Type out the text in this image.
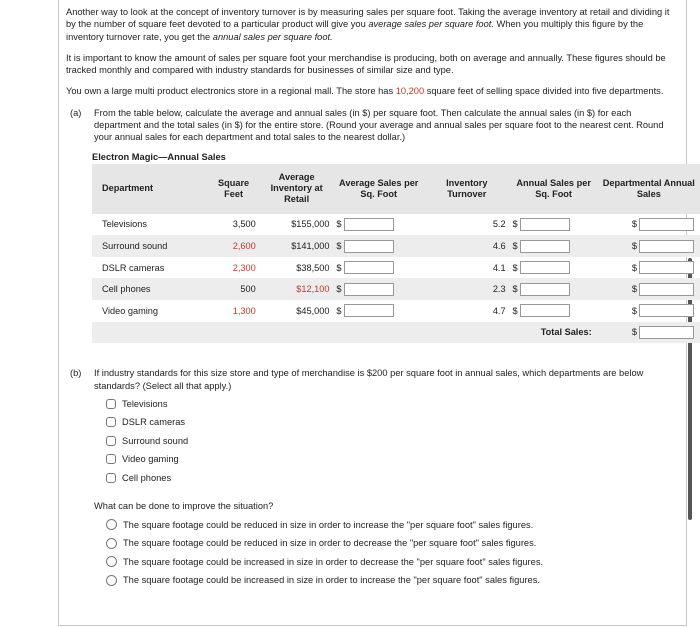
Another way to look at the concept of inventory turnover is by measuring sales per square foot. Taking the average inventory at retail and dividing it by the number of square feet devoted to a particular product will give you average sales per square foot. When you multiply this figure by the inventory turnover rate, you get the annual sales per square foot.

It is important to know the amount of sales per square foot your merchandise is producing, both on average and annually. These figures should be tracked monthly and compared with industry standards for businesses of similar size and type.

You own a large multi product electronics store in a regional mall. The store has 10,200 square feet of selling space divided into five departments.

(a)	From the table below, calculate the average and annual sales (in $) per square foot. Then calculate the annual sales (in $) for each department and the total sales (in $) for the entire store. (Round your average and annual sales per square foot to the nearest cent. Round your annual sales for each department and total sales to the nearest dollar.)
Electron Magic—Annual Sales
Department	Square Feet	Average Inventory at Retail	Average Sales per Sq. Foot	Inventory Turnover	Annual Sales per Sq. Foot	Departmental Annual Sales
Televisions	3,500	$155,000	$	5.2	$	$

Surround sound	2,600	$141,000	$	4.6	$	$

DSLR cameras	2,300	$38,500	$	4.1	$	$

Cell phones	500	$12,100	$	2.3	$	$

Video gaming	1,300	$45,000	$	4.7	$	$

					Total Sales:	$
(b)	If industry standards for this size store and type of merchandise is $200 per square foot in annual sales, which departments are below standards? (Select all that apply.)
Televisions
DSLR cameras
Surround sound
Video gaming
Cell phones
What can be done to improve the situation?
The square footage could be reduced in size in order to increase the "per square foot" sales figures.
The square footage could be reduced in size in order to decrease the "per square foot" sales figures.
The square footage could be increased in size in order to decrease the "per square foot" sales figures.
The square footage could be increased in size in order to increase the "per square foot" sales figures.
